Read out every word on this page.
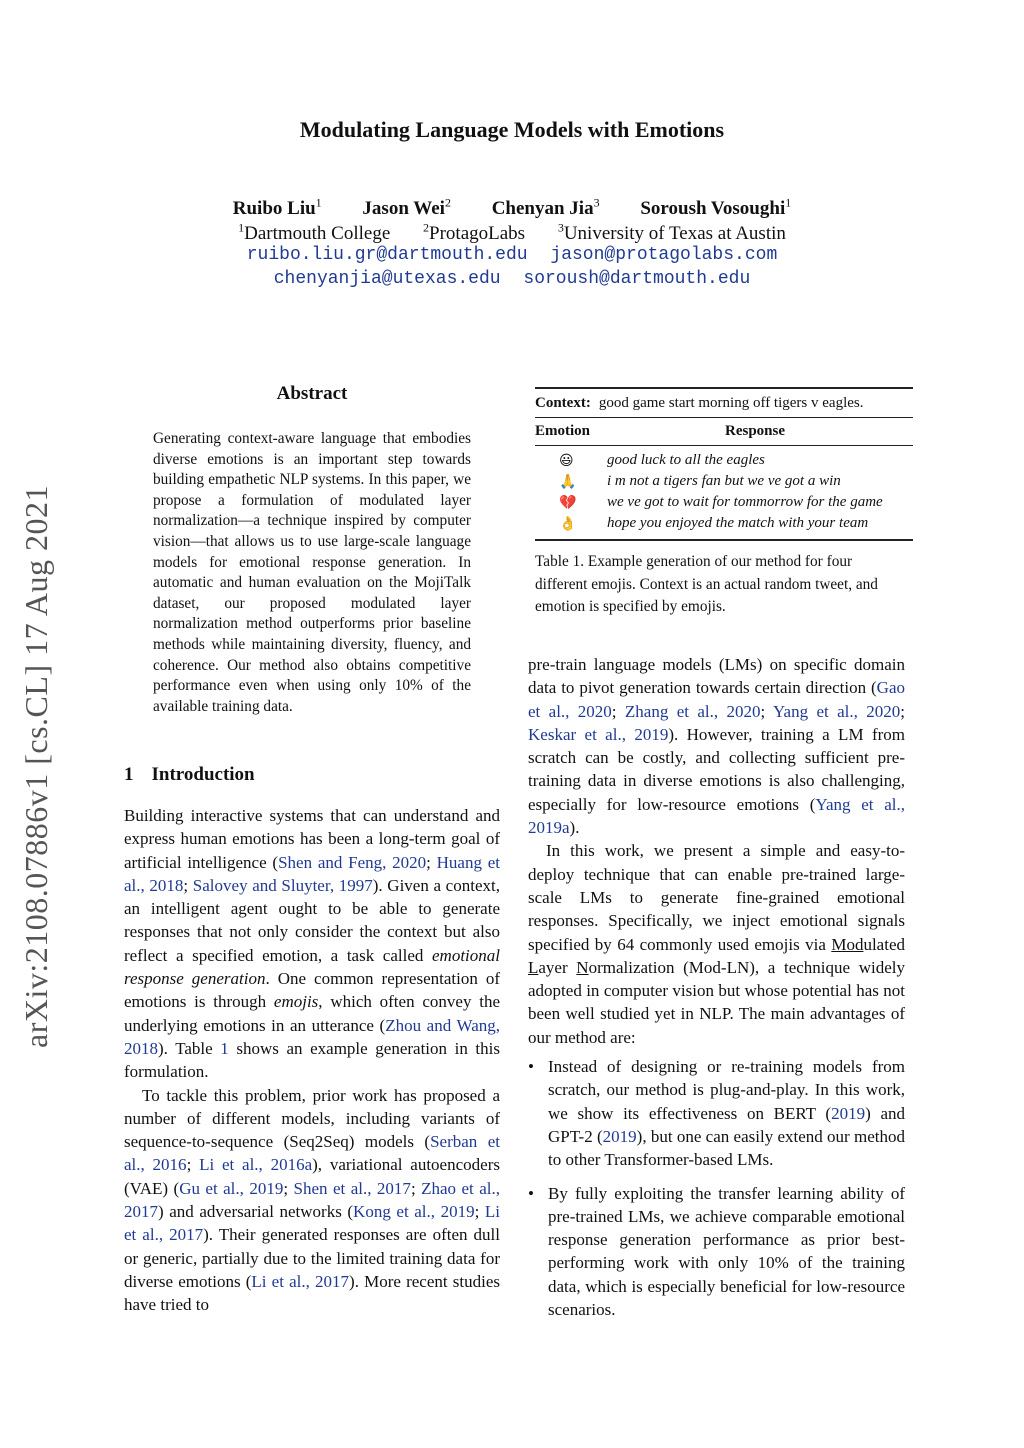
Modulating Language Models with Emotions
Ruibo Liu$^1$ Jason Wei$^2$ Chenyan Jia$^3$ Soroush Vosoughi$^1$
$^1$Dartmouth College	$^2$ProtagoLabs	$^3$University of Texas at Austin
ruibo.liu.gr@dartmouth.edu jason@protagolabs.com
chenyanjia@utexas.edu soroush@dartmouth.edu
arXiv:2108.07886v1 [cs.CL] 17 Aug 2021
Abstract
Generating context-aware language that embodies diverse emotions is an important step towards building empathetic NLP systems. In this paper, we propose a formulation of modulated layer normalization—a technique inspired by computer vision—that allows us to use large-scale language models for emotional response generation. In automatic and human evaluation on the MojiTalk dataset, our proposed modulated layer normalization method outperforms prior baseline methods while maintaining diversity, fluency, and coherence. Our method also obtains competitive performance even when using only 10% of the available training data.
1 Introduction

Building interactive systems that can understand and express human emotions has been a long-term goal of artificial intelligence (Shen and Feng, 2020; Huang et al., 2018; Salovey and Sluyter, 1997). Given a context, an intelligent agent ought to be able to generate responses that not only consider the context but also reflect a specified emotion, a task called emotional response generation. One common representation of emotions is through emojis, which often convey the underlying emotions in an utterance (Zhou and Wang, 2018). Table 1 shows an example generation in this formulation.

To tackle this problem, prior work has proposed a number of different models, including variants of sequence-to-sequence (Seq2Seq) models (Serban et al., 2016; Li et al., 2016a), variational autoencoders (VAE) (Gu et al., 2019; Shen et al., 2017; Zhao et al., 2017) and adversarial networks (Kong et al., 2019; Li et al., 2017). Their generated responses are often dull or generic, partially due to the limited training data for diverse emotions (Li et al., 2017). More recent studies have tried to

Context: good game start morning off tigers v eagles.
Emotion	Response
😃 good luck to all the eagles
🙏 i m not a tigers fan but we ve got a win
💔 we ve got to wait for tommorrow for the game
👌 hope you enjoyed the match with your team
Table 1. Example generation of our method for four different emojis. Context is an actual random tweet, and emotion is specified by emojis.

pre-train language models (LMs) on specific domain data to pivot generation towards certain direction (Gao et al., 2020; Zhang et al., 2020; Yang et al., 2020; Keskar et al., 2019). However, training a LM from scratch can be costly, and collecting sufficient pre-training data in diverse emotions is also challenging, especially for low-resource emotions (Yang et al., 2019a).

In this work, we present a simple and easy-to-deploy technique that can enable pre-trained large-scale LMs to generate fine-grained emotional responses. Specifically, we inject emotional signals specified by 64 commonly used emojis via Modulated Layer Normalization (Mod-LN), a technique widely adopted in computer vision but whose potential has not been well studied yet in NLP. The main advantages of our method are:

• Instead of designing or re-training models from scratch, our method is plug-and-play. In this work, we show its effectiveness on BERT (2019) and GPT-2 (2019), but one can easily extend our method to other Transformer-based LMs.
• By fully exploiting the transfer learning ability of pre-trained LMs, we achieve comparable emotional response generation performance as prior best-performing work with only 10% of the training data, which is especially beneficial for low-resource scenarios.
